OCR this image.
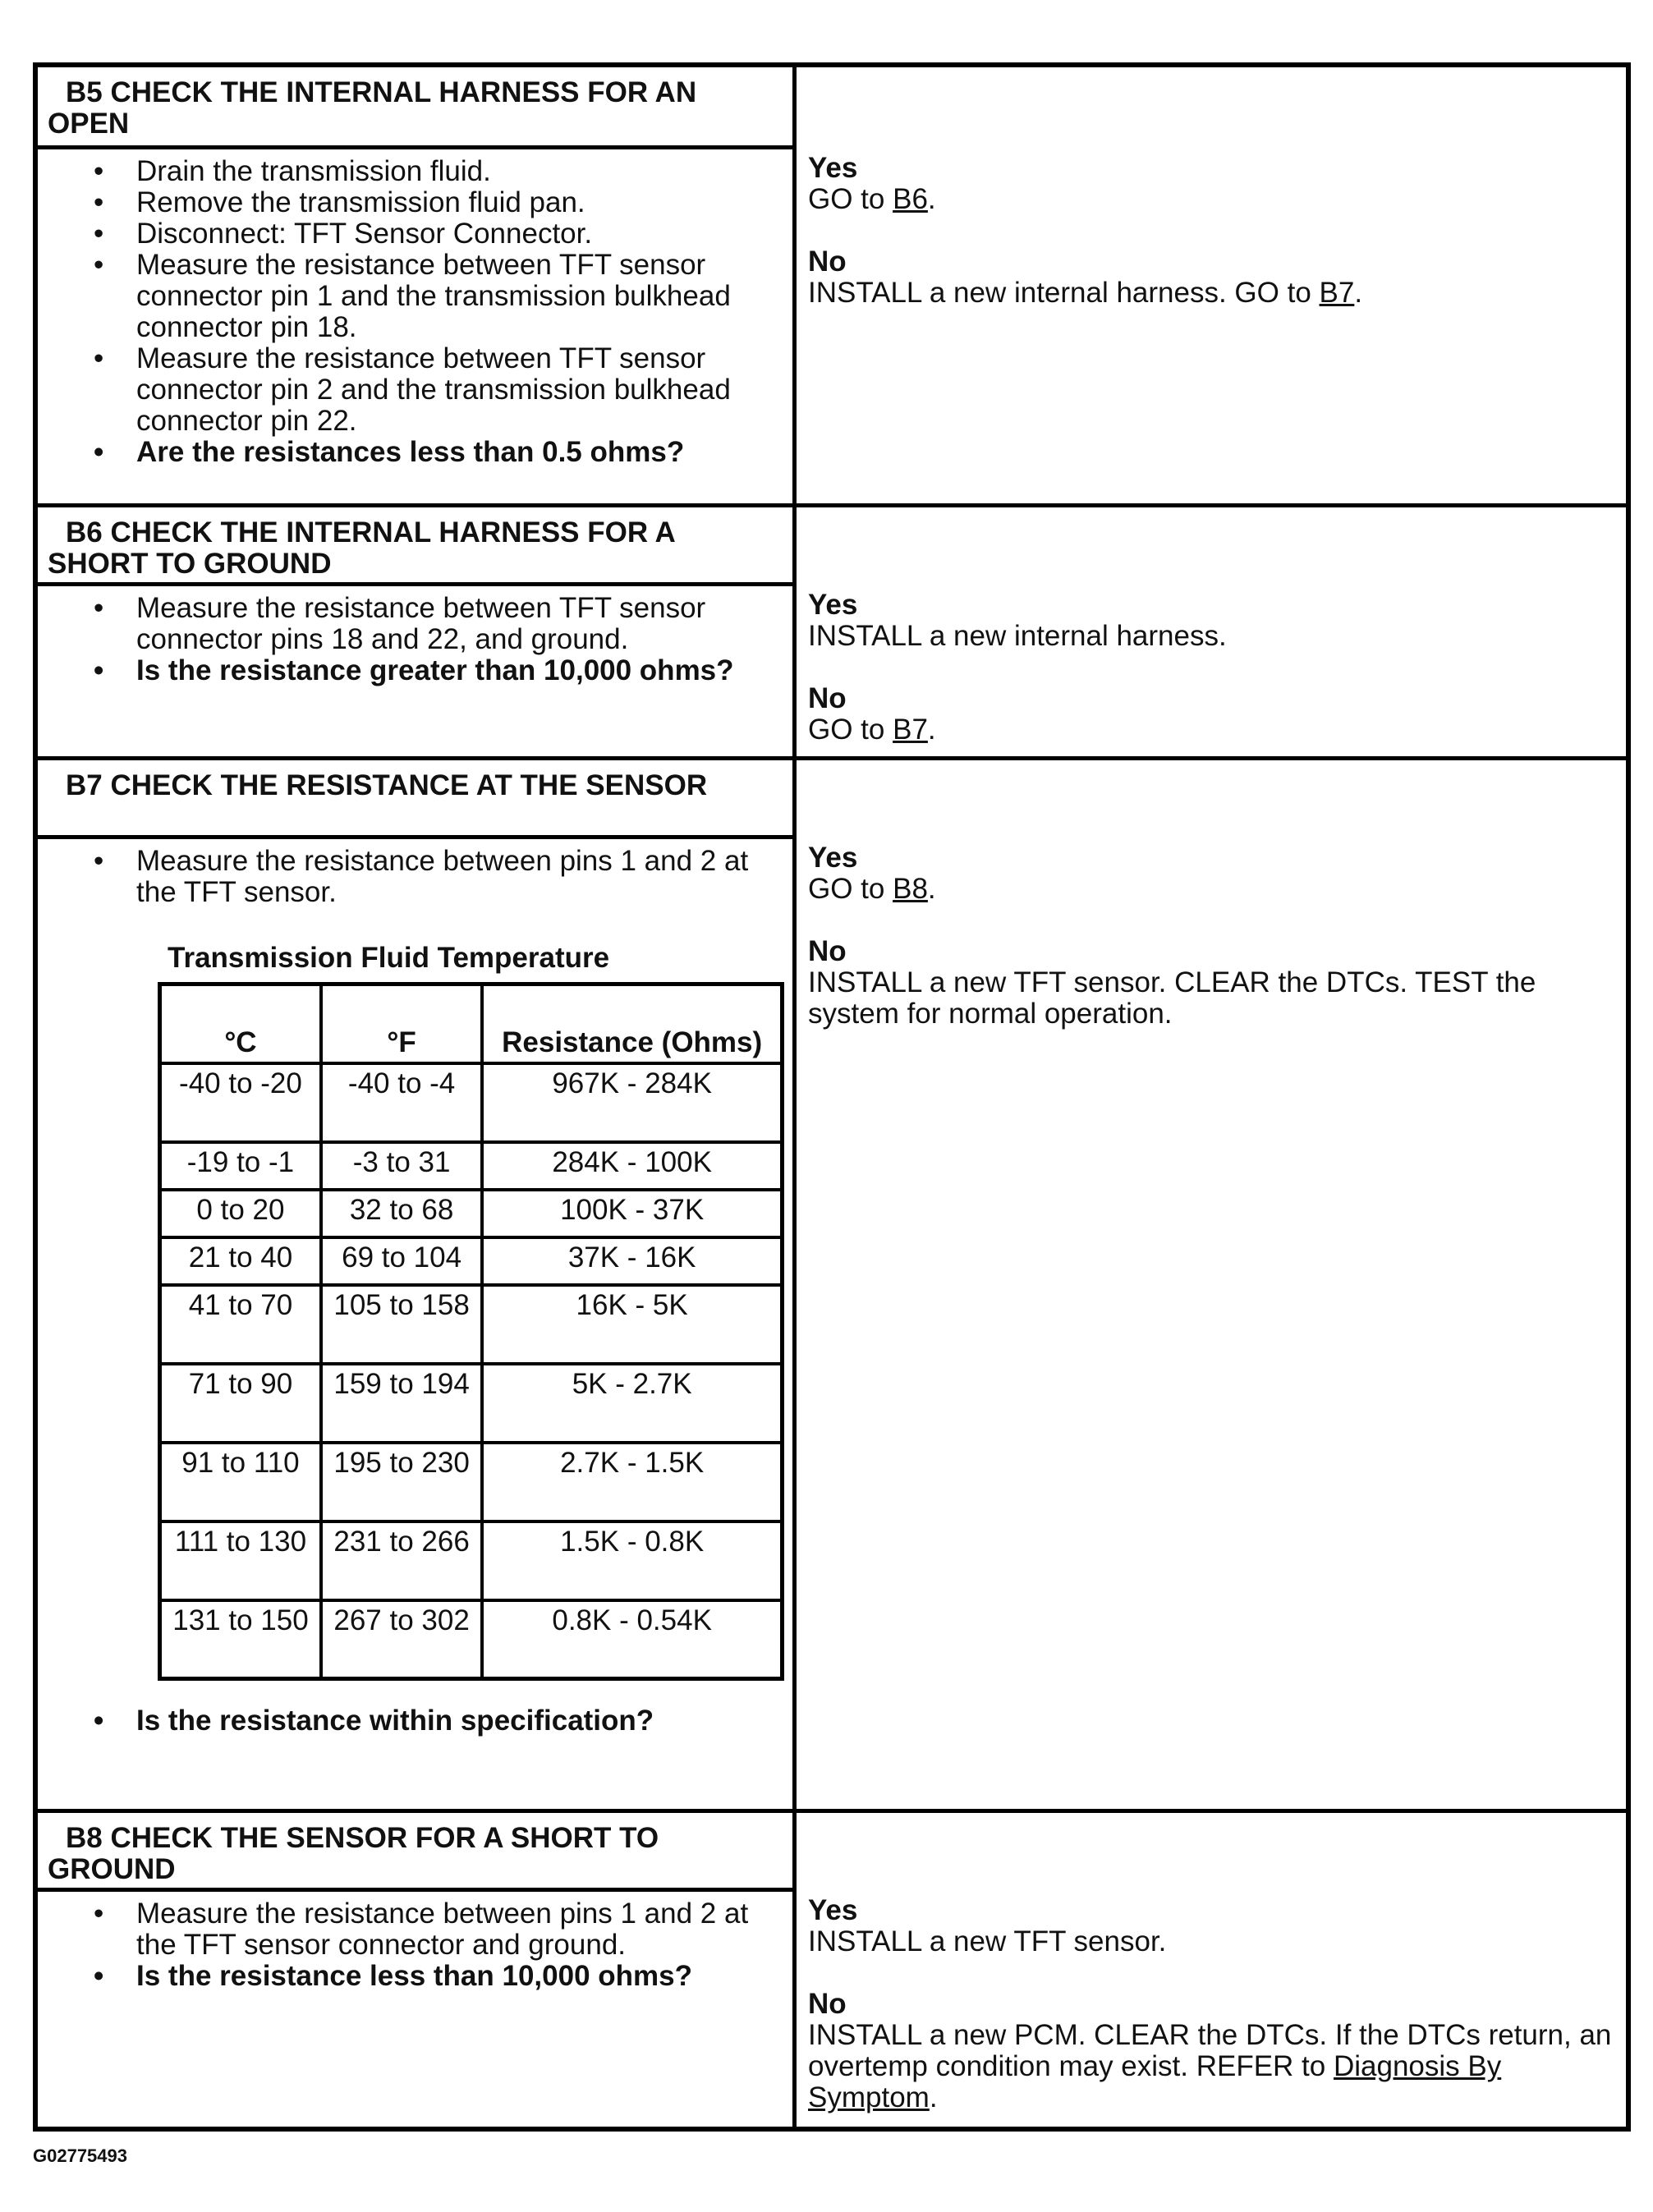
B5 CHECK THE INTERNAL HARNESS FOR AN OPEN
• Drain the transmission fluid.
• Remove the transmission fluid pan.
• Disconnect: TFT Sensor Connector.
• Measure the resistance between TFT sensor connector pin 1 and the transmission bulkhead connector pin 18.
• Measure the resistance between TFT sensor connector pin 2 and the transmission bulkhead connector pin 22.
• Are the resistances less than 0.5 ohms?
Yes
GO to B6.
No
INSTALL a new internal harness. GO to B7.
B6 CHECK THE INTERNAL HARNESS FOR A SHORT TO GROUND
• Measure the resistance between TFT sensor connector pins 18 and 22, and ground.
• Is the resistance greater than 10,000 ohms?
Yes
INSTALL a new internal harness.
No
GO to B7.
B7 CHECK THE RESISTANCE AT THE SENSOR
• Measure the resistance between pins 1 and 2 at the TFT sensor.
Transmission Fluid Temperature
°C	°F	Resistance (Ohms)
-40 to -20	-40 to -4	967K - 284K
-19 to -1	-3 to 31	284K - 100K
0 to 20	32 to 68	100K - 37K
21 to 40	69 to 104	37K - 16K
41 to 70	105 to 158	16K - 5K
71 to 90	159 to 194	5K - 2.7K
91 to 110	195 to 230	2.7K - 1.5K
111 to 130	231 to 266	1.5K - 0.8K
131 to 150	267 to 302	0.8K - 0.54K
• Is the resistance within specification?
Yes
GO to B8.
No
INSTALL a new TFT sensor. CLEAR the DTCs. TEST the system for normal operation.
B8 CHECK THE SENSOR FOR A SHORT TO GROUND
• Measure the resistance between pins 1 and 2 at the TFT sensor connector and ground.
• Is the resistance less than 10,000 ohms?
Yes
INSTALL a new TFT sensor.
No
INSTALL a new PCM. CLEAR the DTCs. If the DTCs return, an overtemp condition may exist. REFER to Diagnosis By Symptom.
G02775493
